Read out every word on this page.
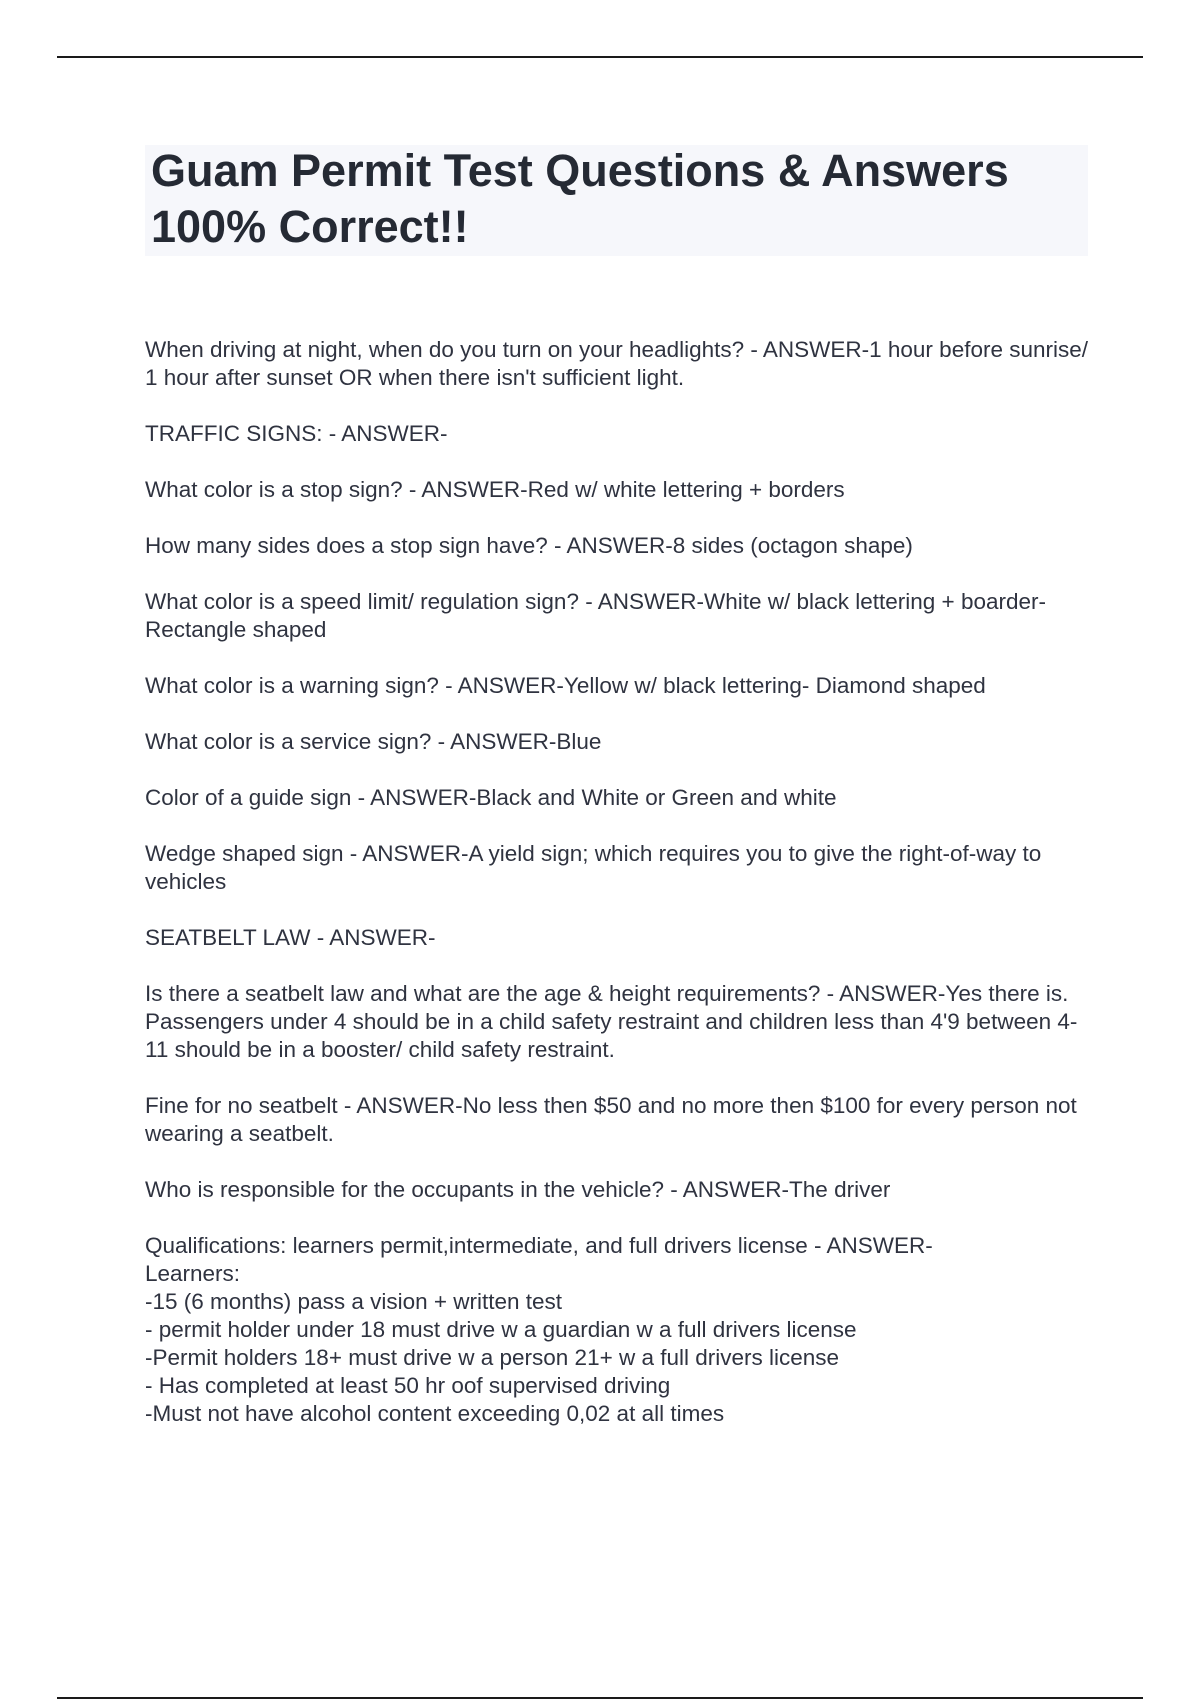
Guam Permit Test Questions & Answers 100% Correct!!

When driving at night, when do you turn on your headlights? - ANSWER-1 hour before sunrise/ 1 hour after sunset OR when there isn't sufficient light.

TRAFFIC SIGNS: - ANSWER-

What color is a stop sign? - ANSWER-Red w/ white lettering + borders

How many sides does a stop sign have? - ANSWER-8 sides (octagon shape)

What color is a speed limit/ regulation sign? - ANSWER-White w/ black lettering + boarder- Rectangle shaped

What color is a warning sign? - ANSWER-Yellow w/ black lettering- Diamond shaped

What color is a service sign? - ANSWER-Blue

Color of a guide sign - ANSWER-Black and White or Green and white

Wedge shaped sign - ANSWER-A yield sign; which requires you to give the right-of-way to vehicles

SEATBELT LAW - ANSWER-

Is there a seatbelt law and what are the age & height requirements? - ANSWER-Yes there is. Passengers under 4 should be in a child safety restraint and children less than 4'9 between 4-11 should be in a booster/ child safety restraint.

Fine for no seatbelt - ANSWER-No less then $50 and no more then $100 for every person not wearing a seatbelt.

Who is responsible for the occupants in the vehicle? - ANSWER-The driver

Qualifications: learners permit,intermediate, and full drivers license - ANSWER-
Learners:
-15 (6 months) pass a vision + written test
- permit holder under 18 must drive w a guardian w a full drivers license
-Permit holders 18+ must drive w a person 21+ w a full drivers license
- Has completed at least 50 hr oof supervised driving
-Must not have alcohol content exceeding 0,02 at all times
